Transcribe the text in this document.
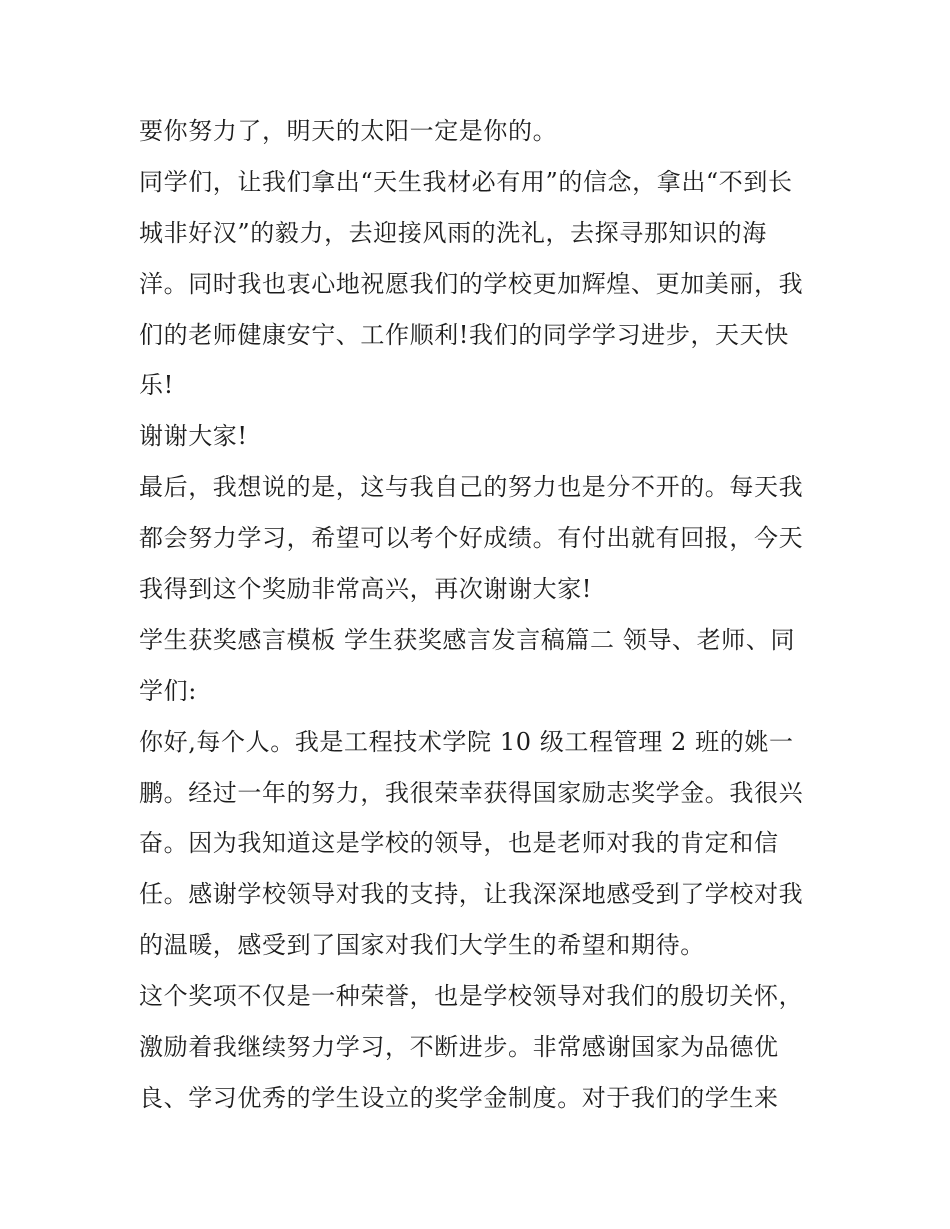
要你努力了，明天的太阳一定是你的。
同学们，让我们拿出“天生我材必有用”的信念，拿出“不到长
城非好汉”的毅力，去迎接风雨的洗礼，去探寻那知识的海
洋。同时我也衷心地祝愿我们的学校更加辉煌、更加美丽，我
们的老师健康安宁、工作顺利!我们的同学学习进步，天天快
乐!
谢谢大家!
最后，我想说的是，这与我自己的努力也是分不开的。每天我
都会努力学习，希望可以考个好成绩。有付出就有回报，今天
我得到这个奖励非常高兴，再次谢谢大家!
学生获奖感言模板 学生获奖感言发言稿篇二 领导、老师、同
学们:
你好,每个人。我是工程技术学院 10 级工程管理 2 班的姚一
鹏。经过一年的努力，我很荣幸获得国家励志奖学金。我很兴
奋。因为我知道这是学校的领导，也是老师对我的肯定和信
任。感谢学校领导对我的支持，让我深深地感受到了学校对我
的温暖，感受到了国家对我们大学生的希望和期待。
这个奖项不仅是一种荣誉，也是学校领导对我们的殷切关怀，
激励着我继续努力学习，不断进步。非常感谢国家为品德优
良、学习优秀的学生设立的奖学金制度。对于我们的学生来
